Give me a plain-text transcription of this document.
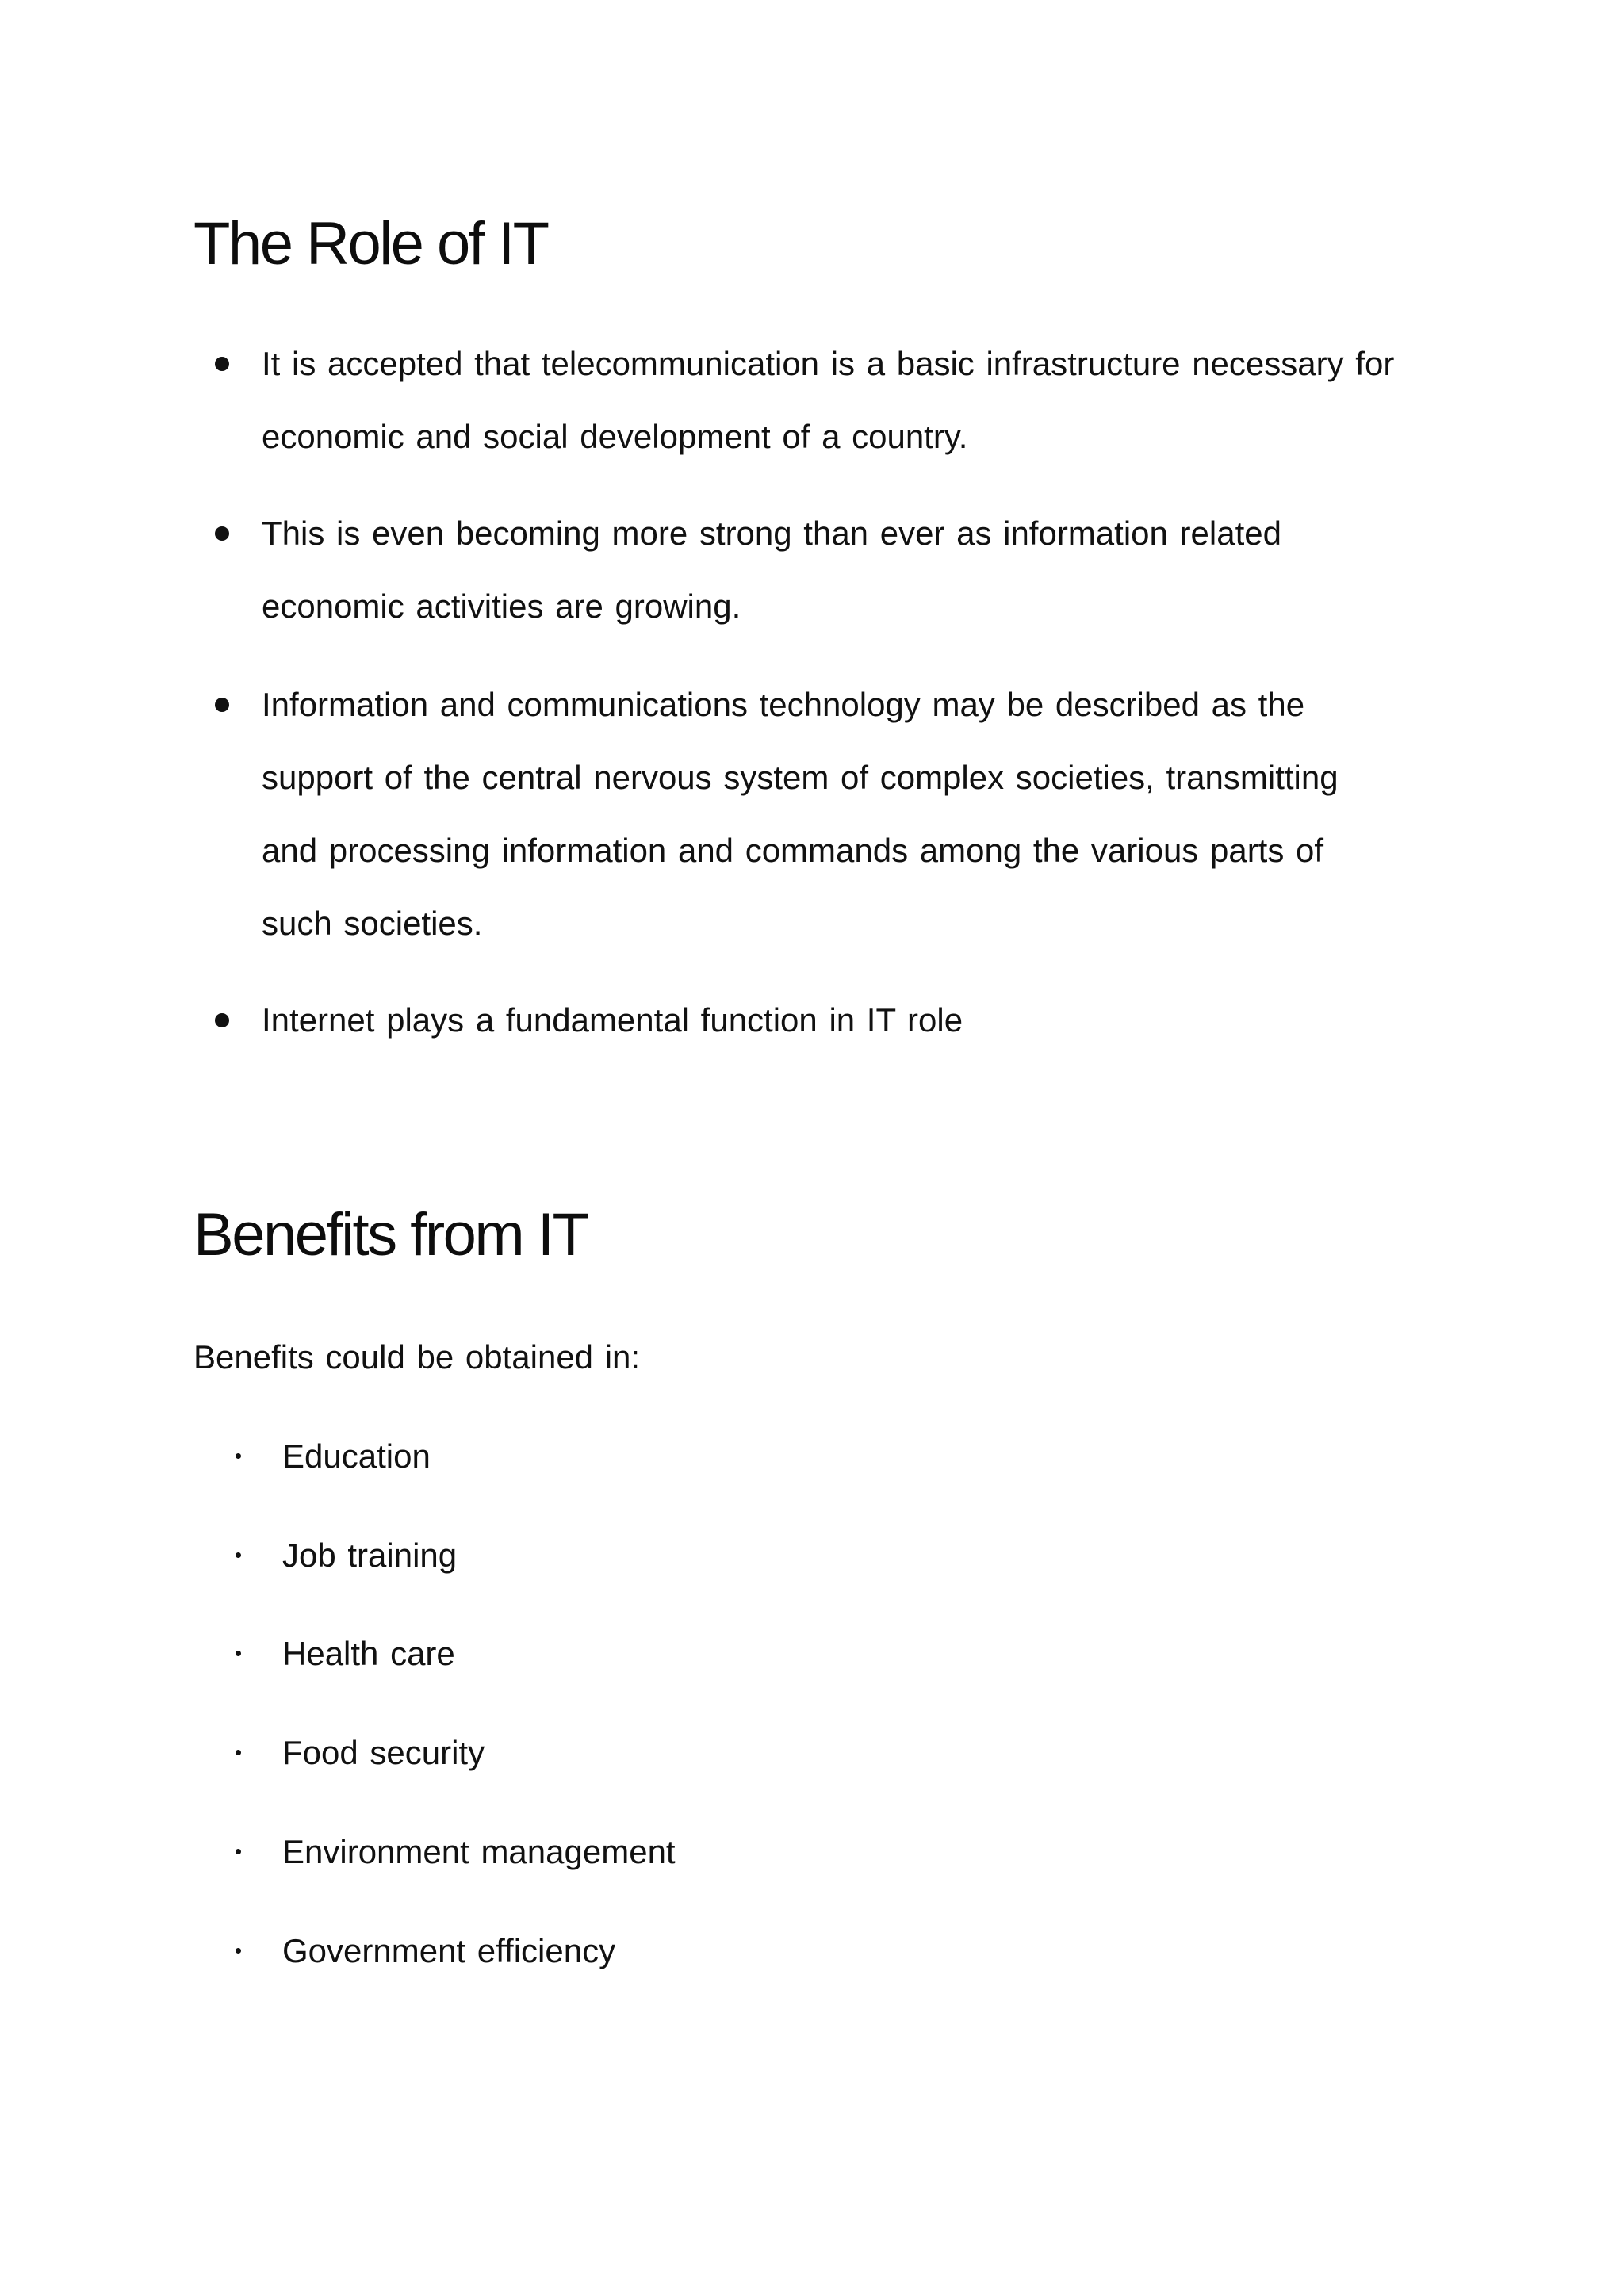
The Role of IT
It is accepted that telecommunication is a basic infrastructure necessary for economic and social development of a country.
This is even becoming more strong than ever as information related economic activities are growing.
Information and communications technology may be described as the support of the central nervous system of complex societies, transmitting and processing information and commands among the various parts of such societies.
Internet plays a fundamental function in IT role
Benefits from IT

Benefits could be obtained in:

Education
Job training
Health care
Food security
Environment management
Government efficiency
